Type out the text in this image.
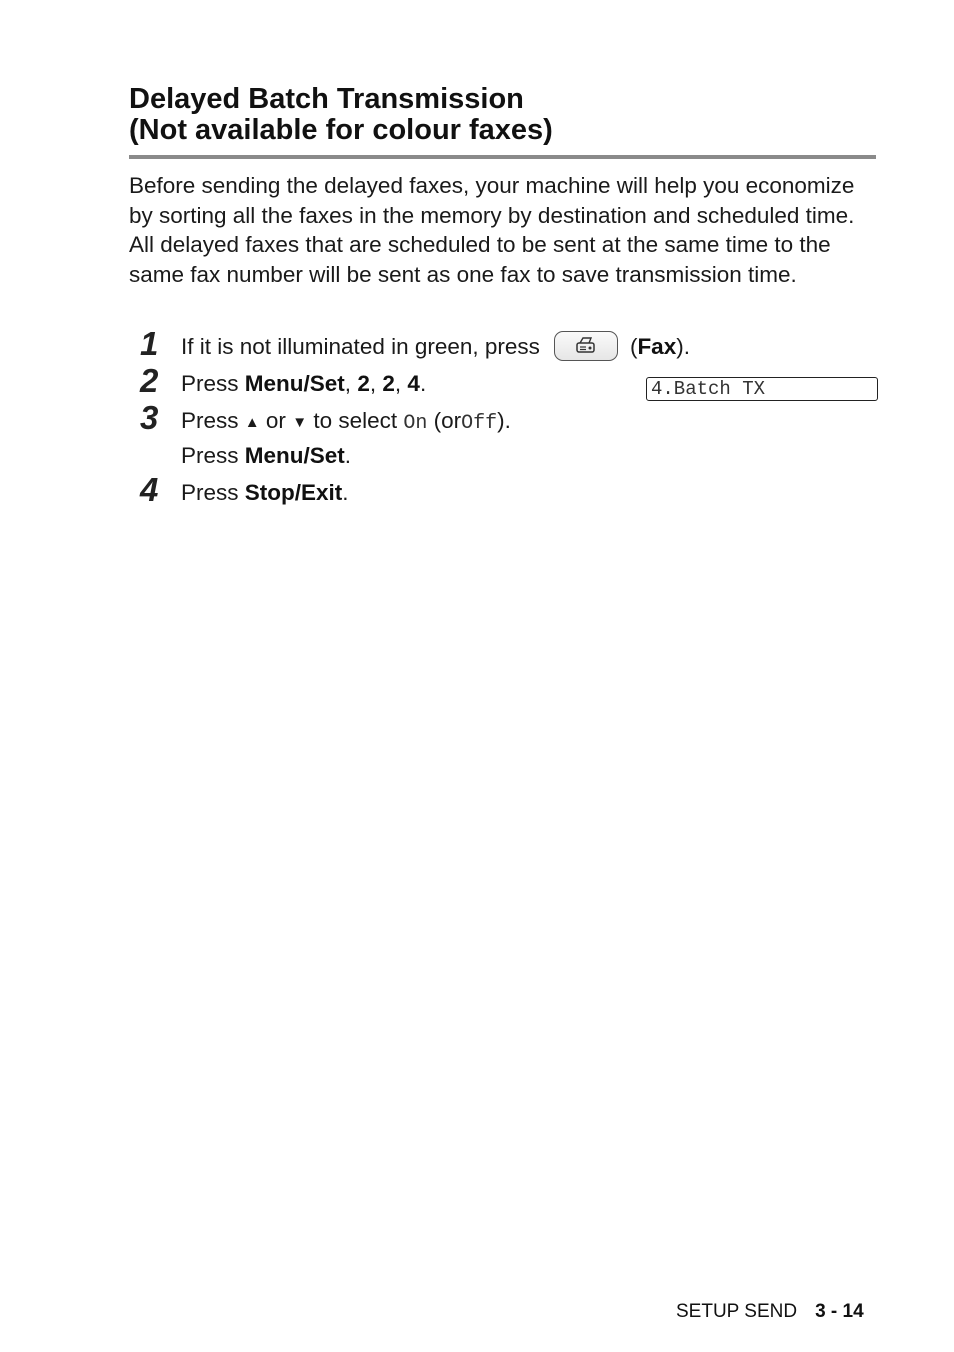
Delayed Batch Transmission
(Not available for colour faxes)
Before sending the delayed faxes, your machine will help you economize by sorting all the faxes in the memory by destination and scheduled time. All delayed faxes that are scheduled to be sent at the same time to the same fax number will be sent as one fax to save transmission time.
1 If it is not illuminated in green, press	(Fax).
2 Press Menu/Set, 2, 2, 4.	4.Batch TX
3 Press ▲ or ▼ to select On (orOff).
Press Menu/Set.
4 Press Stop/Exit.
SETUP SEND 3 - 14
